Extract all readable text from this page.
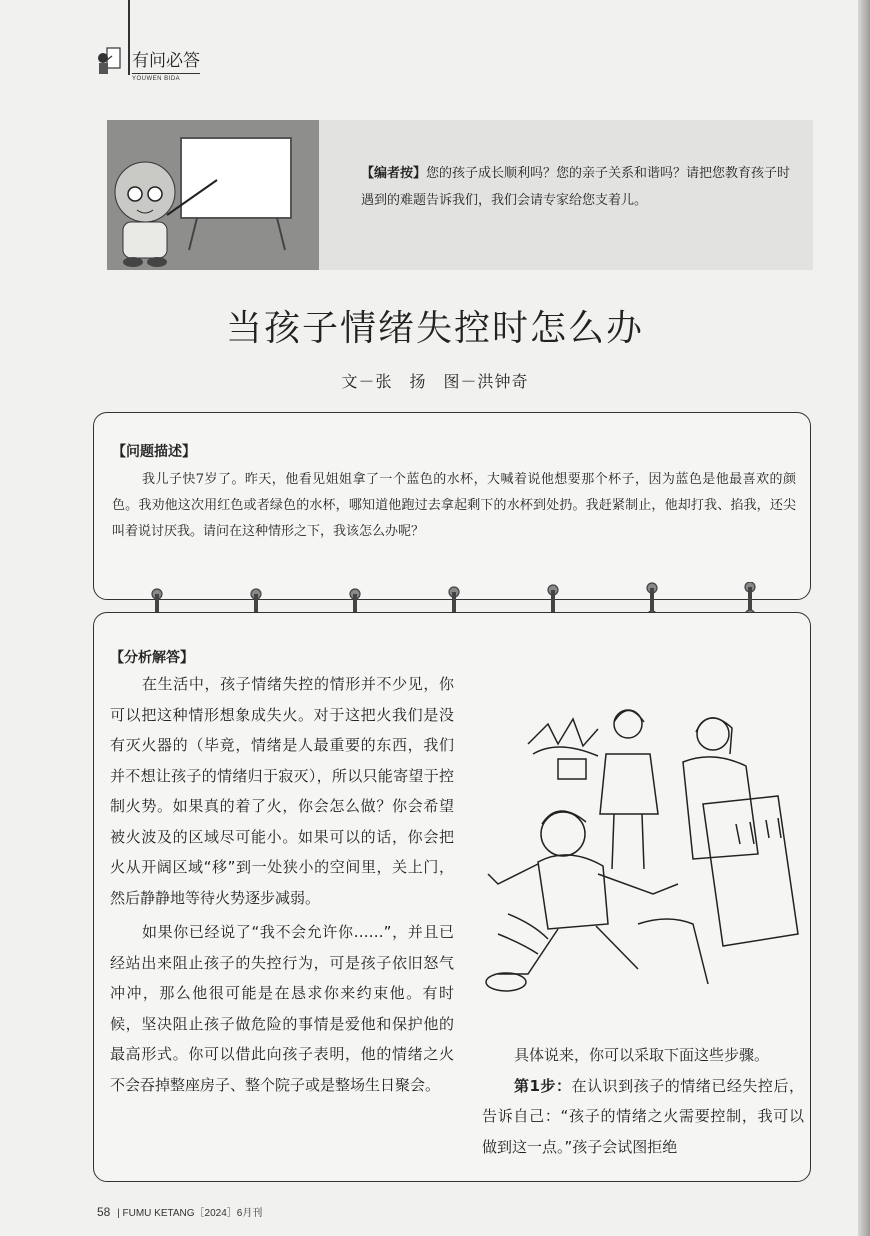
有问必答
YOUWEN BIDA
【编者按】您的孩子成长顺利吗？您的亲子关系和谐吗？请把您教育孩子时遇到的难题告诉我们，我们会请专家给您支着儿。
当孩子情绪失控时怎么办
文－张　扬　图－洪钟奇
【问题描述】
我儿子快7岁了。昨天，他看见姐姐拿了一个蓝色的水杯，大喊着说他想要那个杯子，因为蓝色是他最喜欢的颜色。我劝他这次用红色或者绿色的水杯，哪知道他跑过去拿起剩下的水杯到处扔。我赶紧制止，他却打我、掐我，还尖叫着说讨厌我。请问在这种情形之下，我该怎么办呢？
【分析解答】

在生活中，孩子情绪失控的情形并不少见，你可以把这种情形想象成失火。对于这把火我们是没有灭火器的（毕竟，情绪是人最重要的东西，我们并不想让孩子的情绪归于寂灭），所以只能寄望于控制火势。如果真的着了火，你会怎么做？你会希望被火波及的区域尽可能小。如果可以的话，你会把火从开阔区域“移”到一处狭小的空间里，关上门，然后静静地等待火势逐步减弱。

如果你已经说了“我不会允许你……”，并且已经站出来阻止孩子的失控行为，可是孩子依旧怒气冲冲，那么他很可能是在恳求你来约束他。有时候，坚决阻止孩子做危险的事情是爱他和保护他的最高形式。你可以借此向孩子表明，他的情绪之火不会吞掉整座房子、整个院子或是整场生日聚会。

具体说来，你可以采取下面这些步骤。

第1步：在认识到孩子的情绪已经失控后，告诉自己：“孩子的情绪之火需要控制，我可以做到这一点。”孩子会试图拒绝

58 | FUMU KETANG［2024］6月刊
